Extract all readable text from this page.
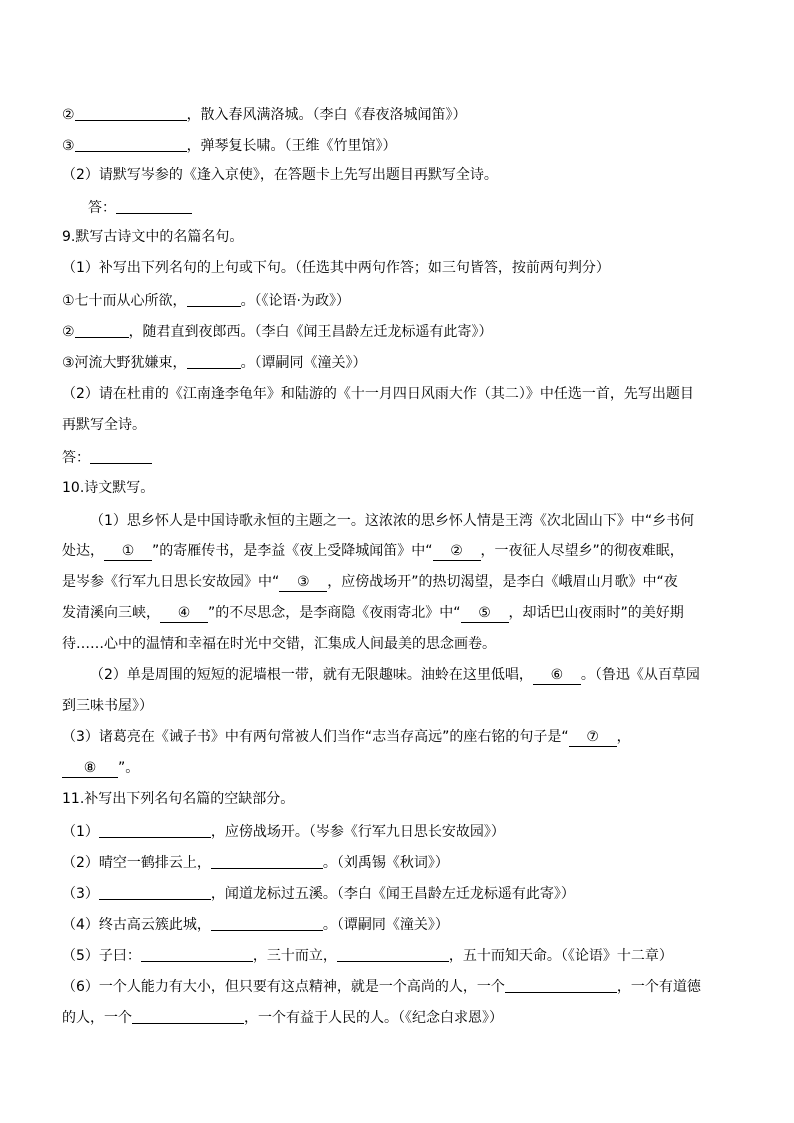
②	，散入春风满洛城。（李白《春夜洛城闻笛》）
③	，弹琴复长啸。（王维《竹里馆》）
（2）请默写岑参的《逢入京使》，在答题卡上先写出题目再默写全诗。
答：
9.默写古诗文中的名篇名句。
（1）补写出下列名句的上句或下句。（任选其中两句作答；如三句皆答，按前两句判分）
①七十而从心所欲，	。（《论语·为政》）
②	，随君直到夜郎西。（李白《闻王昌龄左迁龙标遥有此寄》）
③河流大野犹嫌束，	。（谭嗣同《潼关》）
（2）请在杜甫的《江南逢李龟年》和陆游的《十一月四日风雨大作（其二）》中任选一首，先写出题目
再默写全诗。
答：
10.诗文默写。
（1）思乡怀人是中国诗歌永恒的主题之一。这浓浓的思乡怀人情是王湾《次北固山下》中“乡书何
处达， ① ”的寄雁传书，是李益《夜上受降城闻笛》中“ ② ，一夜征人尽望乡”的彻夜难眠，
是岑参《行军九日思长安故园》中“ ③ ，应傍战场开”的热切渴望，是李白《峨眉山月歌》中“夜
发清溪向三峡， ④ ”的不尽思念，是李商隐《夜雨寄北》中“ ⑤ ，却话巴山夜雨时”的美好期
待……心中的温情和幸福在时光中交错，汇集成人间最美的思念画卷。
（2）单是周围的短短的泥墙根一带，就有无限趣味。油蛉在这里低唱， ⑥ 。（鲁迅《从百草园
到三味书屋》）
（3）诸葛亮在《诫子书》中有两句常被人们当作“志当存高远”的座右铭的句子是“ ⑦ ，
⑧ ”。
11.补写出下列名句名篇的空缺部分。
（1）	，应傍战场开。（岑参《行军九日思长安故园》）
（2）晴空一鹤排云上，	。（刘禹锡《秋词》）
（3）	，闻道龙标过五溪。（李白《闻王昌龄左迁龙标遥有此寄》）
（4）终古高云簇此城，	。（谭嗣同《潼关》）
（5）子曰：	，三十而立，	，五十而知天命。（《论语》十二章）
（6）一个人能力有大小，但只要有这点精神，就是一个高尚的人，一个	，一个有道德
的人，一个	，一个有益于人民的人。（《纪念白求恩》）
